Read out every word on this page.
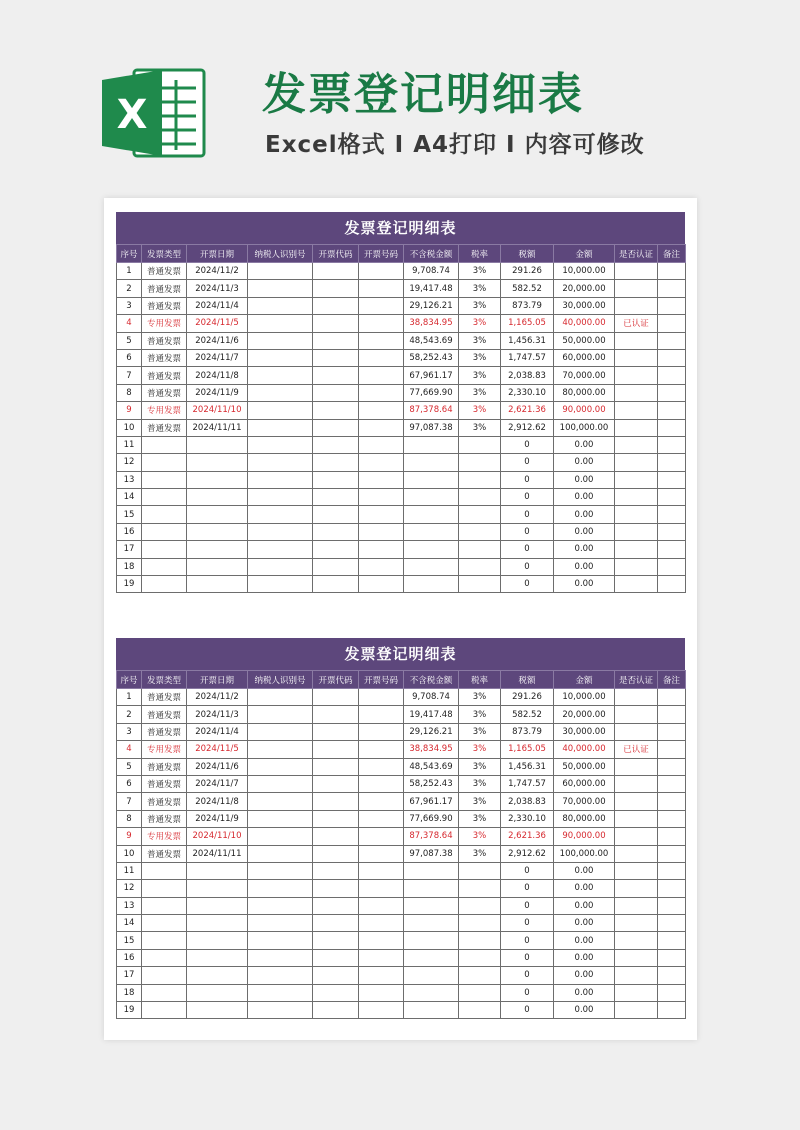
X	发票登记明细表
Excel格式 I A4打印 I 内容可修改
发票登记明细表
序号	发票类型	开票日期	纳税人识别号	开票代码	开票号码	不含税金额	税率	税额	金额	是否认证	备注
1	普通发票	2024/11/2				9,708.74	3%	291.26	10,000.00		
2	普通发票	2024/11/3				19,417.48	3%	582.52	20,000.00		
3	普通发票	2024/11/4				29,126.21	3%	873.79	30,000.00		
4	专用发票	2024/11/5				38,834.95	3%	1,165.05	40,000.00	已认证	
5	普通发票	2024/11/6				48,543.69	3%	1,456.31	50,000.00		
6	普通发票	2024/11/7				58,252.43	3%	1,747.57	60,000.00		
7	普通发票	2024/11/8				67,961.17	3%	2,038.83	70,000.00		
8	普通发票	2024/11/9				77,669.90	3%	2,330.10	80,000.00		
9	专用发票	2024/11/10				87,378.64	3%	2,621.36	90,000.00		
10	普通发票	2024/11/11				97,087.38	3%	2,912.62	100,000.00		
11								0	0.00		
12								0	0.00		
13								0	0.00		
14								0	0.00		
15								0	0.00		
16								0	0.00		
17								0	0.00		
18								0	0.00		
19								0	0.00		
发票登记明细表
序号	发票类型	开票日期	纳税人识别号	开票代码	开票号码	不含税金额	税率	税额	金额	是否认证	备注
1	普通发票	2024/11/2				9,708.74	3%	291.26	10,000.00		
2	普通发票	2024/11/3				19,417.48	3%	582.52	20,000.00		
3	普通发票	2024/11/4				29,126.21	3%	873.79	30,000.00		
4	专用发票	2024/11/5				38,834.95	3%	1,165.05	40,000.00	已认证	
5	普通发票	2024/11/6				48,543.69	3%	1,456.31	50,000.00		
6	普通发票	2024/11/7				58,252.43	3%	1,747.57	60,000.00		
7	普通发票	2024/11/8				67,961.17	3%	2,038.83	70,000.00		
8	普通发票	2024/11/9				77,669.90	3%	2,330.10	80,000.00		
9	专用发票	2024/11/10				87,378.64	3%	2,621.36	90,000.00		
10	普通发票	2024/11/11				97,087.38	3%	2,912.62	100,000.00		
11								0	0.00		
12								0	0.00		
13								0	0.00		
14								0	0.00		
15								0	0.00		
16								0	0.00		
17								0	0.00		
18								0	0.00		
19								0	0.00		
